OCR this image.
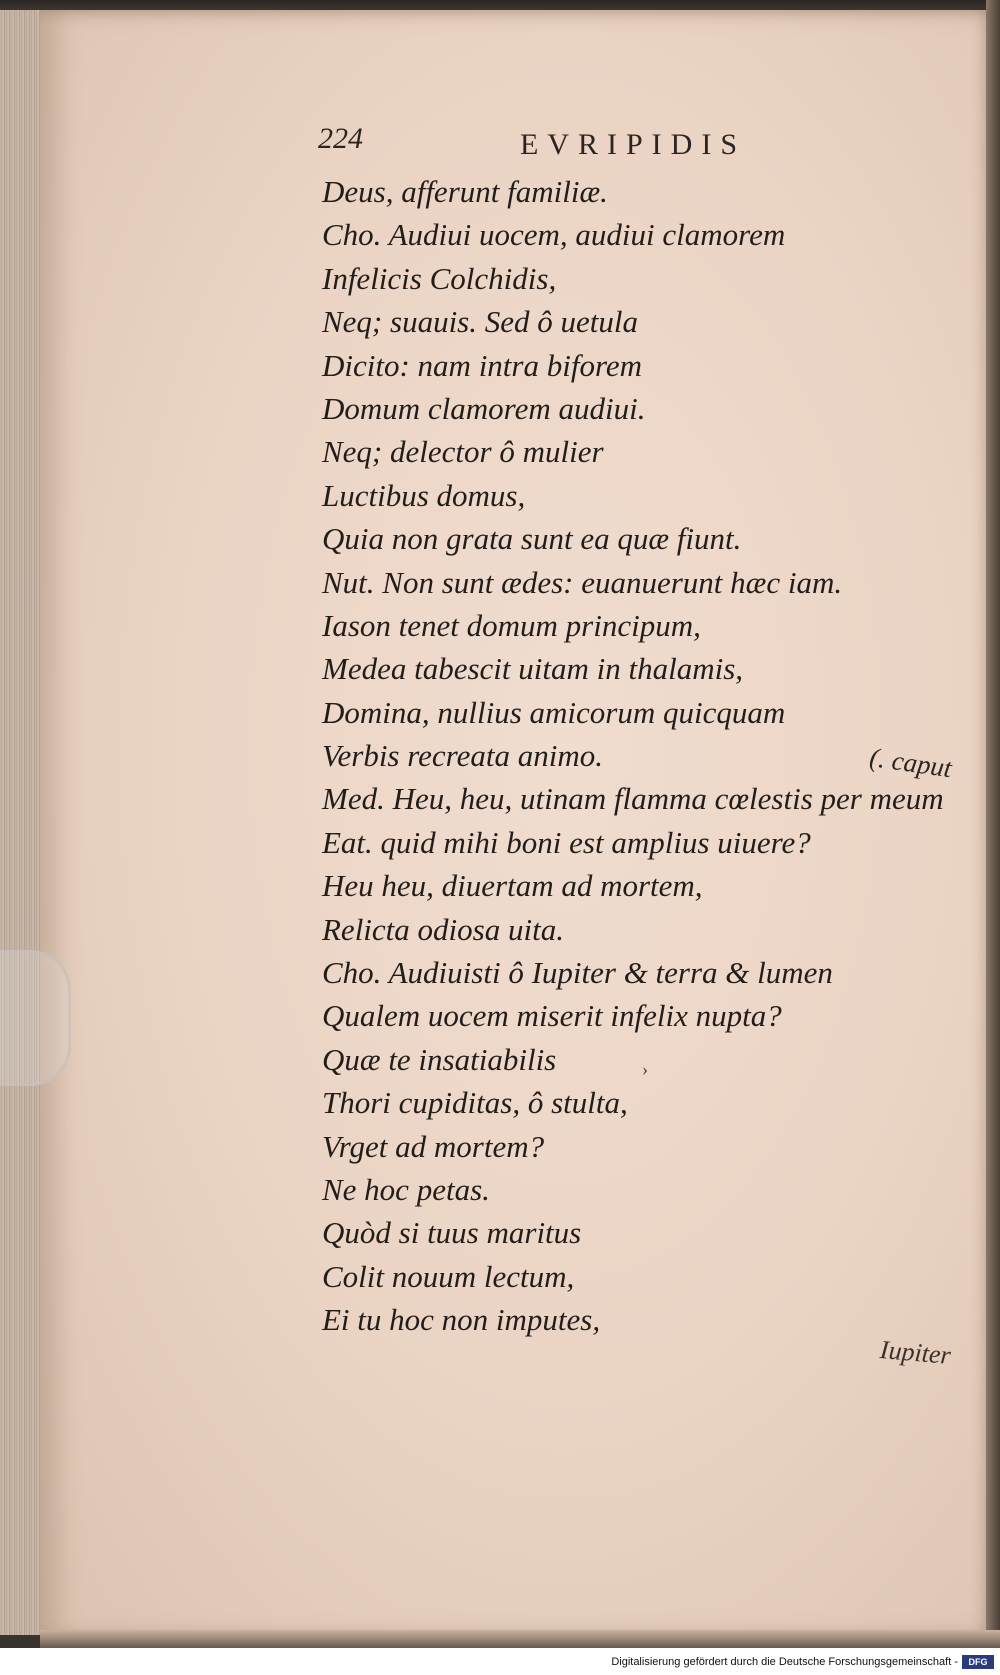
224	EVRIPIDIS
Deus, afferunt familiæ.
Cho. Audiui uocem, audiui clamorem
Infelicis Colchidis,
Neq; suauis. Sed ô uetula
Dicito: nam intra biforem
Domum clamorem audiui.
Neq; delector ô mulier
Luctibus domus,
Quia non grata sunt ea quæ fiunt.
Nut. Non sunt ædes: euanuerunt hæc iam.
Iason tenet domum principum,
Medea tabescit uitam in thalamis,
Domina, nullius amicorum quicquam
Verbis recreata animo.
Med. Heu, heu, utinam flamma cœlestis per meum
Eat. quid mihi boni est amplius uiuere?
Heu heu, diuertam ad mortem,
Relicta odiosa uita.
Cho. Audiuisti ô Iupiter & terra & lumen
Qualem uocem miserit infelix nupta?
Quæ te insatiabilis
Thori cupiditas, ô stulta,
Vrget ad mortem?
Ne hoc petas.
Quòd si tuus maritus
Colit nouum lectum,
Ei tu hoc non imputes,
(. caput
›
Iupiter
Digitalisierung gefördert durch die Deutsche Forschungsgemeinschaft -	DFG
